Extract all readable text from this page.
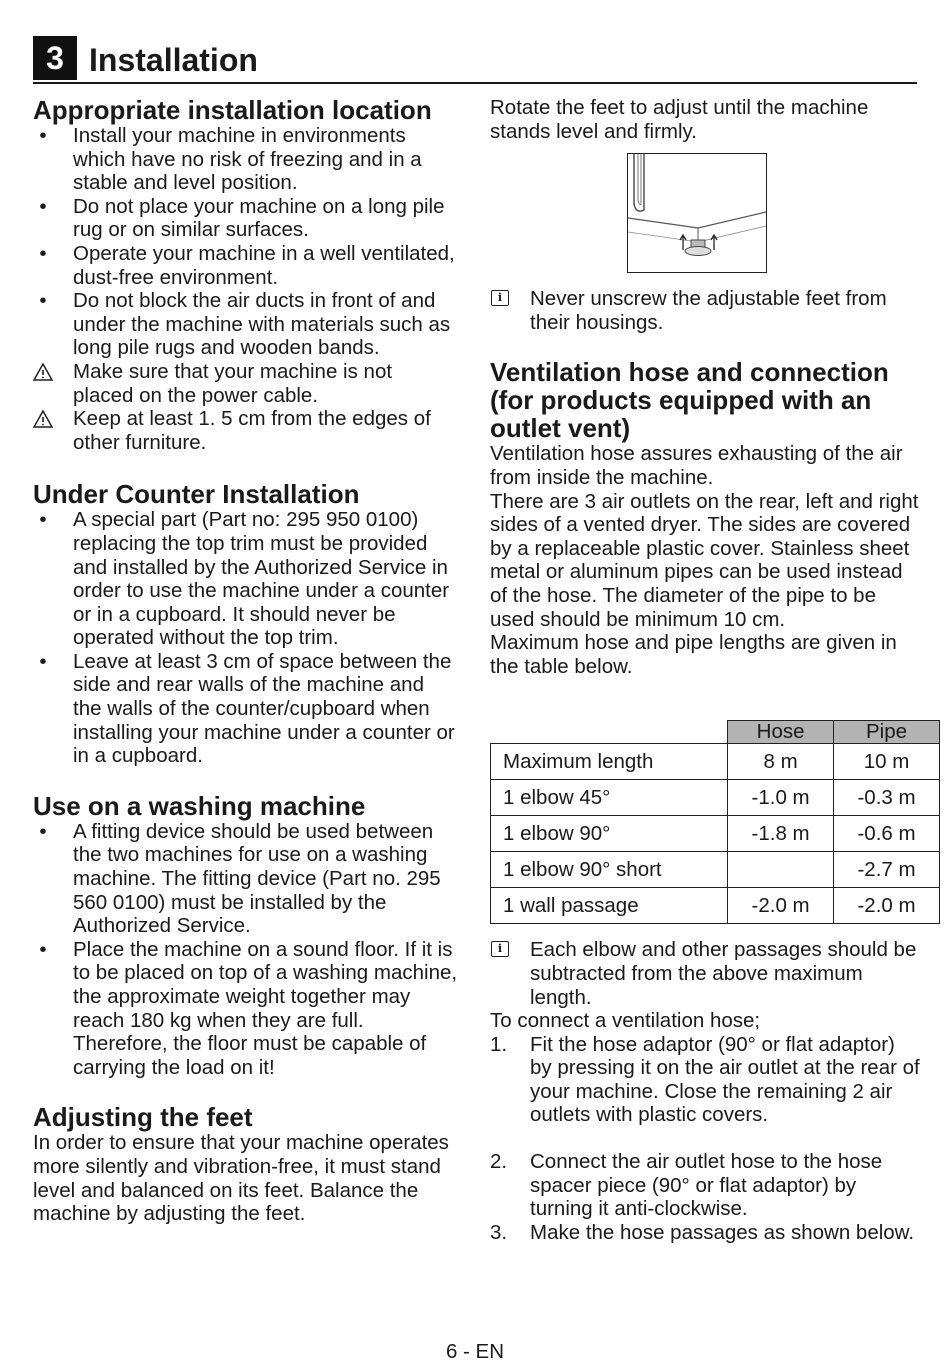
3 Installation
Appropriate installation location
•	Install your machine in environments which have no risk of freezing and in a stable and level position.
•	Do not place your machine on a long pile rug or on similar surfaces.
•	Operate your machine in a well ventilated, dust-free environment.
•	Do not block the air ducts in front of and under the machine with materials such as long pile rugs and wooden bands.
Make sure that your machine is not placed on the power cable.
Keep at least 1. 5 cm from the edges of other furniture.
Under Counter Installation
•	A special part (Part no: 295 950 0100) replacing the top trim must be provided and installed by the Authorized Service in order to use the machine under a counter or in a cupboard. It should never be operated without the top trim.
•	Leave at least 3 cm of space between the side and rear walls of the machine and the walls of the counter/cupboard when installing your machine under a counter or in a cupboard.
Use on a washing machine
•	A fitting device should be used between the two machines for use on a washing machine. The fitting device (Part no. 295 560 0100) must be installed by the Authorized Service.
•	Place the machine on a sound floor. If it is to be placed on top of a washing machine, the approximate weight together may reach 180 kg when they are full. Therefore, the floor must be capable of carrying the load on it!
Adjusting the feet

In order to ensure that your machine operates more silently and vibration-free, it must stand level and balanced on its feet. Balance the machine by adjusting the feet.

Rotate the feet to adjust until the machine stands level and firmly.

i	Never unscrew the adjustable feet from their housings.
Ventilation hose and connection (for products equipped with an outlet vent)

Ventilation hose assures exhausting of the air from inside the machine.

There are 3 air outlets on the rear, left and right sides of a vented dryer. The sides are covered by a replaceable plastic cover. Stainless sheet metal or aluminum pipes can be used instead of the hose. The diameter of the pipe to be used should be minimum 10 cm.

Maximum hose and pipe lengths are given in the table below.

	Hose	Pipe
Maximum length	8 m	10 m
1 elbow 45°	-1.0 m	-0.3 m
1 elbow 90°	-1.8 m	-0.6 m
1 elbow 90° short		-2.7 m
1 wall passage	-2.0 m	-2.0 m
i	Each elbow and other passages should be subtracted from the above maximum length.

To connect a ventilation hose;

1. Fit the hose adaptor (90° or flat adaptor) by pressing it on the air outlet at the rear of your machine. Close the remaining 2 air outlets with plastic covers.
2. Connect the air outlet hose to the hose spacer piece (90° or flat adaptor) by turning it anti-clockwise.
3. Make the hose passages as shown below.
6 - EN
